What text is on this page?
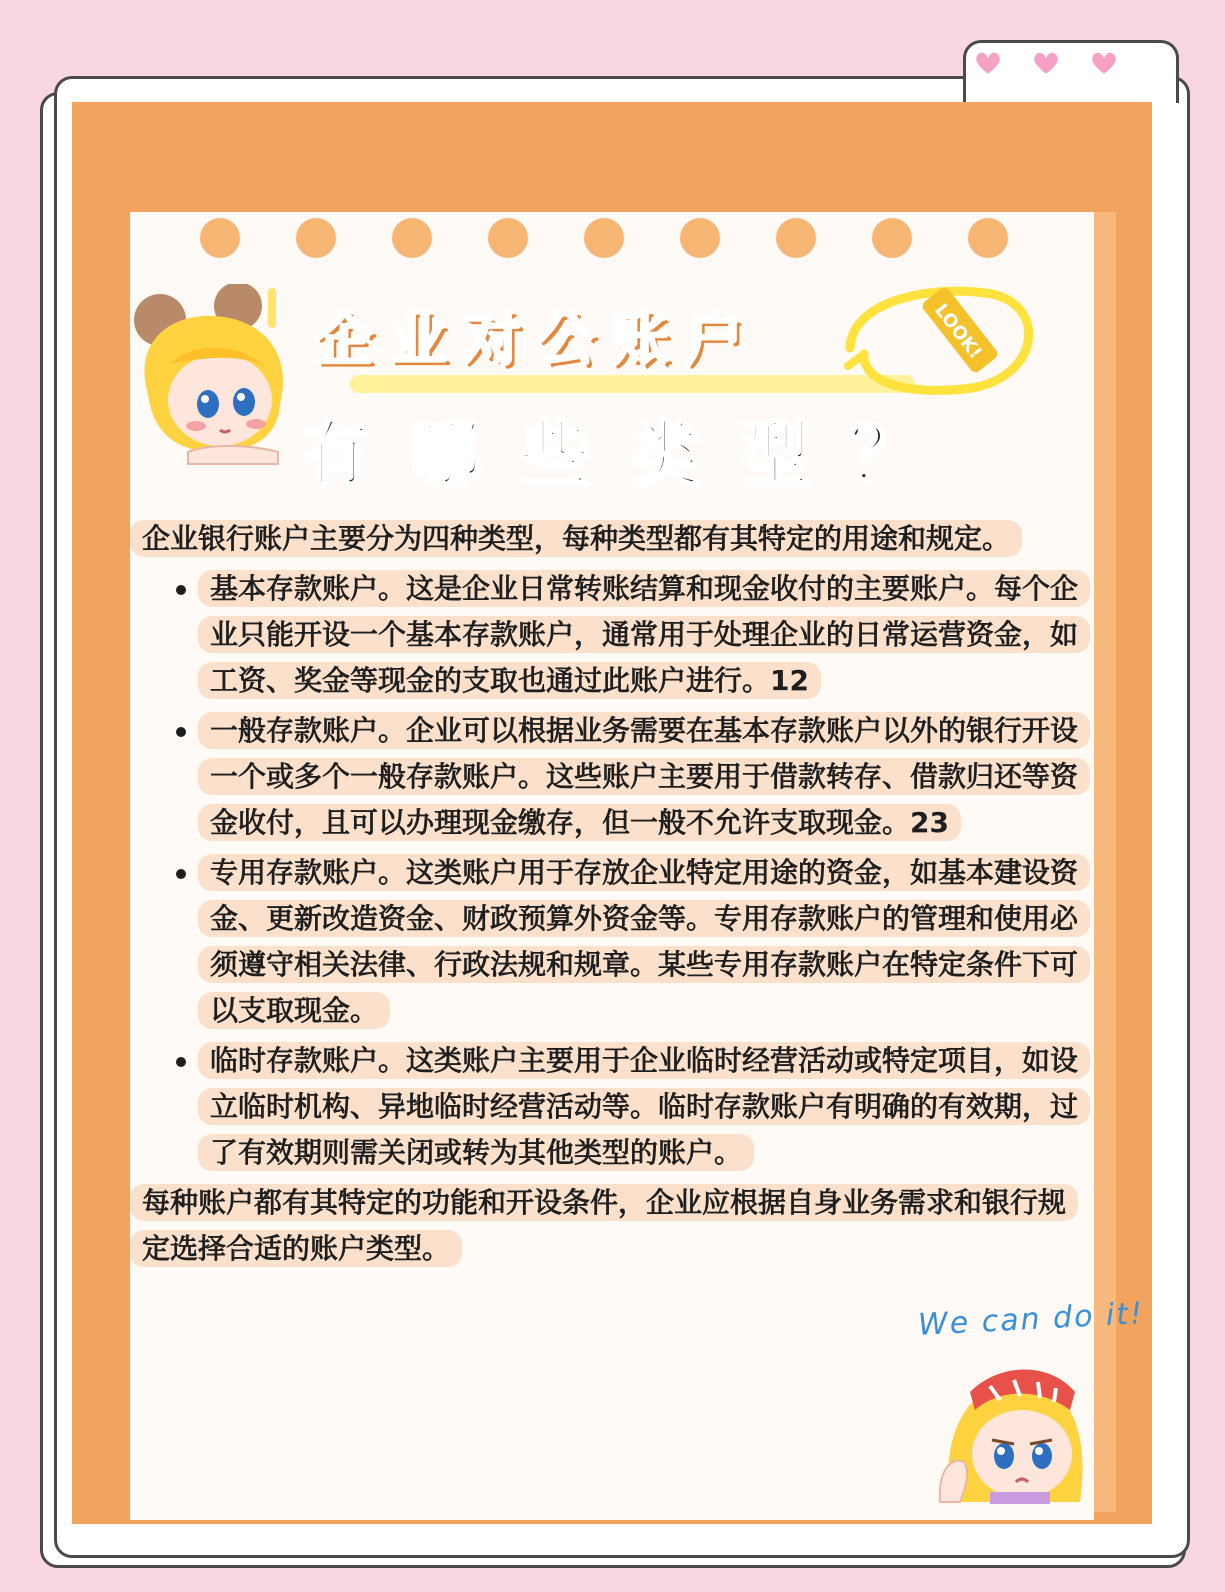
企业对公账户
有哪些类型？
LOOK!

企业银行账户主要分为四种类型，每种类型都有其特定的用途和规定。

基本存款账户。这是企业日常转账结算和现金收付的主要账户。每个企业只能开设一个基本存款账户，通常用于处理企业的日常运营资金，如工资、奖金等现金的支取也通过此账户进行。12
一般存款账户。企业可以根据业务需要在基本存款账户以外的银行开设一个或多个一般存款账户。这些账户主要用于借款转存、借款归还等资金收付，且可以办理现金缴存，但一般不允许支取现金。23
专用存款账户。这类账户用于存放企业特定用途的资金，如基本建设资金、更新改造资金、财政预算外资金等。专用存款账户的管理和使用必须遵守相关法律、行政法规和规章。某些专用存款账户在特定条件下可以支取现金。
临时存款账户。这类账户主要用于企业临时经营活动或特定项目，如设立临时机构、异地临时经营活动等。临时存款账户有明确的有效期，过了有效期则需关闭或转为其他类型的账户。

每种账户都有其特定的功能和开设条件，企业应根据自身业务需求和银行规定选择合适的账户类型。

We can do it!
